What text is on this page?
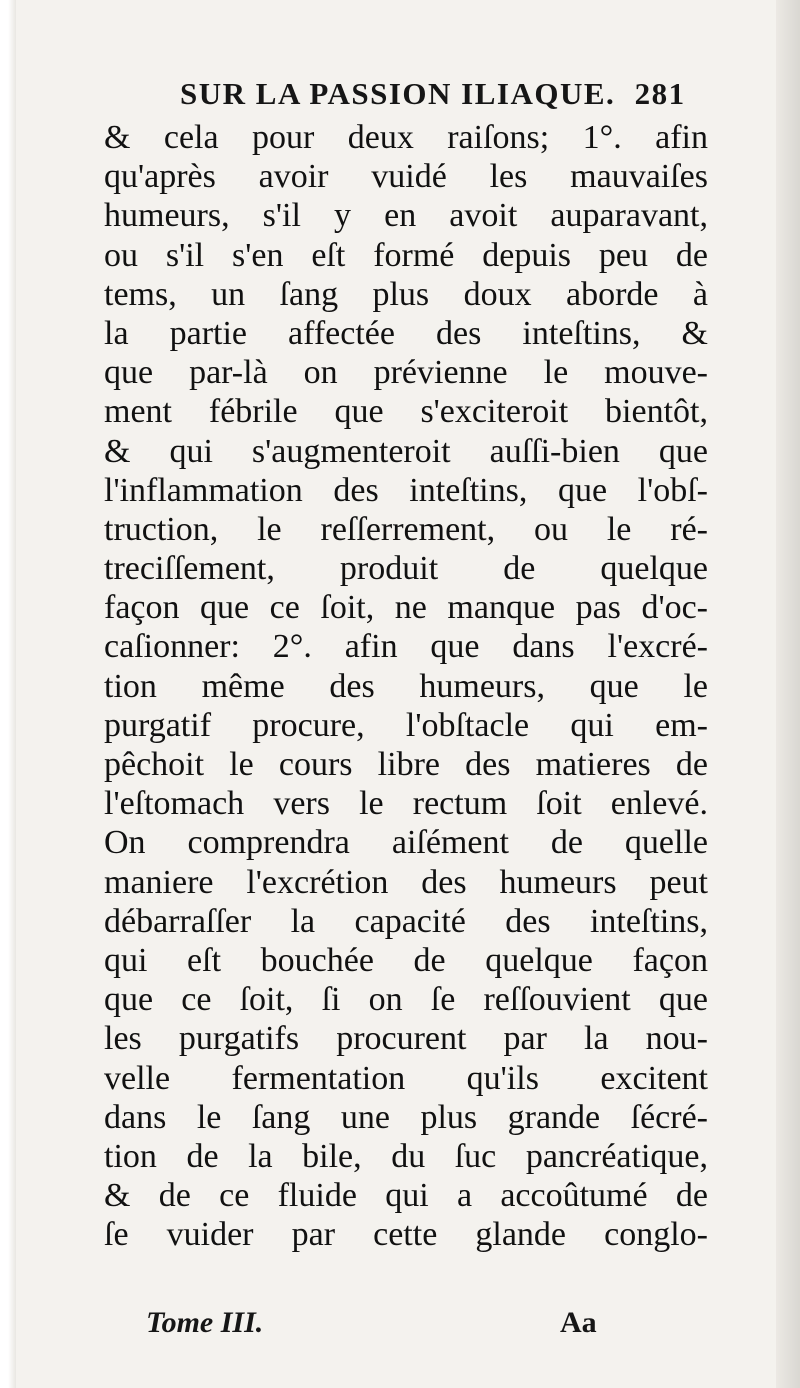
SUR LA PASSION ILIAQUE. 281
& cela pour deux raiſons; 1°. afin
qu'après avoir vuidé les mauvaiſes
humeurs, s'il y en avoit auparavant,
ou s'il s'en eſt formé depuis peu de
tems, un ſang plus doux aborde à
la partie affectée des inteſtins, &
que par-là on prévienne le mouve-
ment fébrile que s'exciteroit bientôt,
& qui s'augmenteroit auſſi-bien que
l'inflammation des inteſtins, que l'obſ-
truction, le reſſerrement, ou le ré-
treciſſement, produit de quelque
façon que ce ſoit, ne manque pas d'oc-
caſionner: 2°. afin que dans l'excré-
tion même des humeurs, que le
purgatif procure, l'obſtacle qui em-
pêchoit le cours libre des matieres de
l'eſtomach vers le rectum ſoit enlevé.
On comprendra aiſément de quelle
maniere l'excrétion des humeurs peut
débarraſſer la capacité des inteſtins,
qui eſt bouchée de quelque façon
que ce ſoit, ſi on ſe reſſouvient que
les purgatifs procurent par la nou-
velle fermentation qu'ils excitent
dans le ſang une plus grande ſécré-
tion de la bile, du ſuc pancréatique,
& de ce fluide qui a accoûtumé de
ſe vuider par cette glande conglo-
Tome III.	Aa
